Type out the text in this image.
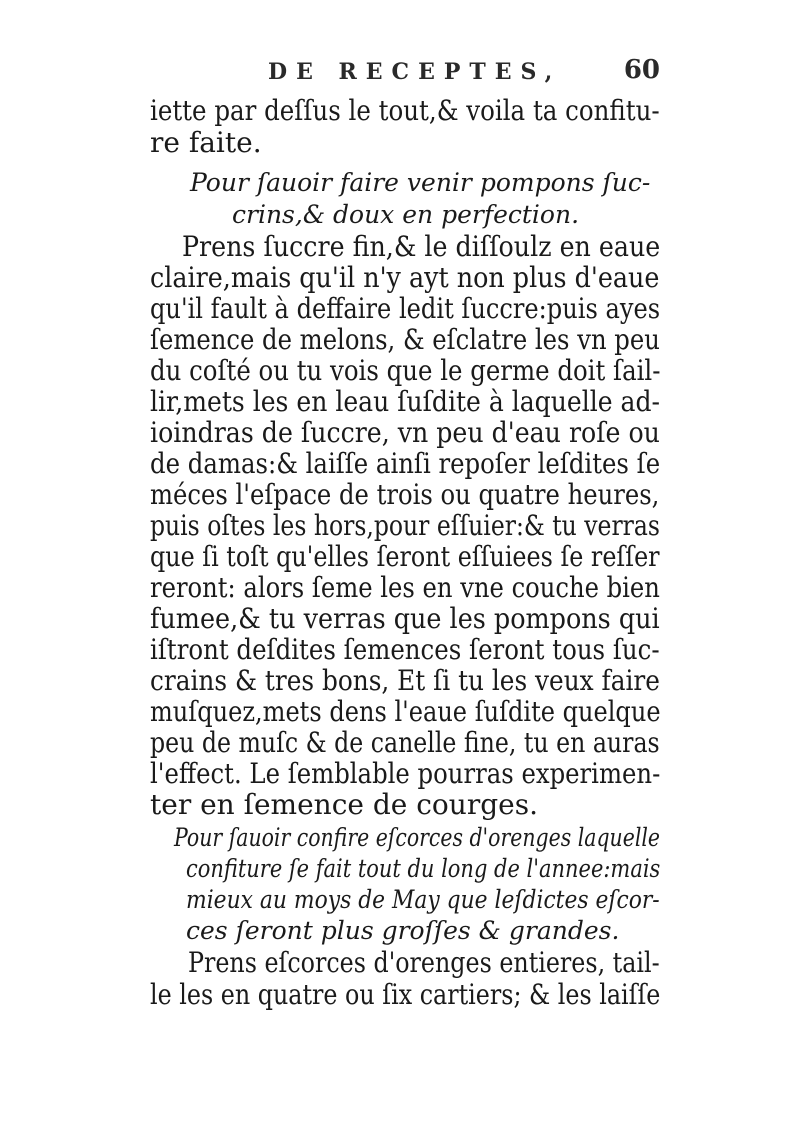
DE RECEPTES, 60
iette par deſſus le tout,& voila ta confitu-
re faite.
Pour ſauoir faire venir pompons ſuc-
crins,& doux en perfection.
Prens ſuccre fin,& le diſſoulz en eaue
claire,mais qu'il n'y ayt non plus d'eaue
qu'il fault à deffaire ledit ſuccre:puis ayes
ſemence de melons, & eſclatre les vn peu
du coſté ou tu vois que le germe doit ſail-
lir,mets les en leau ſuſdite à laquelle ad-
ioindras de ſuccre, vn peu d'eau roſe ou
de damas:& laiſſe ainſi repoſer leſdites ſe
méces l'eſpace de trois ou quatre heures,
puis oſtes les hors,pour eſſuier:& tu verras
que ſi toſt qu'elles ſeront eſſuiees ſe reſſer
reront: alors ſeme les en vne couche bien
fumee,& tu verras que les pompons qui
iſtront deſdites ſemences ſeront tous ſuc-
crains & tres bons, Et ſi tu les veux faire
muſquez,mets dens l'eaue ſuſdite quelque
peu de muſc & de canelle fine, tu en auras
l'effect. Le ſemblable pourras experimen-
ter en ſemence de courges.
Pour ſauoir confire eſcorces d'orenges laquelle
confiture ſe fait tout du long de l'annee:mais
mieux au moys de May que leſdictes eſcor-
ces ſeront plus groſſes & grandes.
Prens eſcorces d'orenges entieres, tail-
le les en quatre ou ſix cartiers; & les laiſſe
